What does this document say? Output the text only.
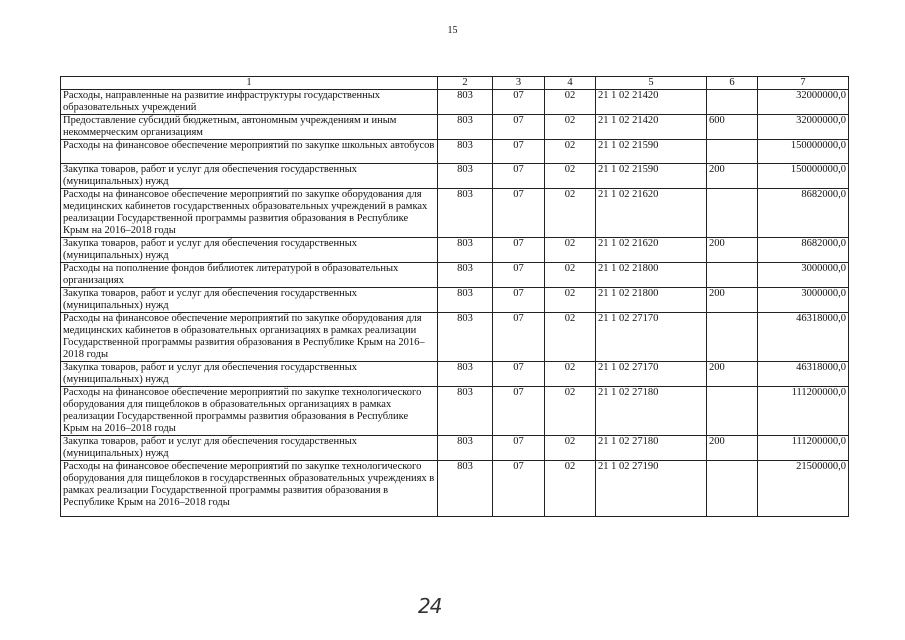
15
1	2	3	4	5	6	7
Расходы, направленные на развитие инфраструктуры государственных образовательных учреждений	803	07	02	21 1 02 21420		32000000,0
Предоставление субсидий бюджетным, автономным учреждениям и иным некоммерческим организациям	803	07	02	21 1 02 21420	600	32000000,0
Расходы на финансовое обеспечение мероприятий по закупке школьных автобусов	803	07	02	21 1 02 21590		150000000,0
Закупка товаров, работ и услуг для обеспечения государственных (муниципальных) нужд	803	07	02	21 1 02 21590	200	150000000,0
Расходы на финансовое обеспечение мероприятий по закупке оборудования для медицинских кабинетов государственных образовательных учреждений в рамках реализации Государственной программы развития образования в Республике Крым на 2016–2018 годы	803	07	02	21 1 02 21620		8682000,0
Закупка товаров, работ и услуг для обеспечения государственных (муниципальных) нужд	803	07	02	21 1 02 21620	200	8682000,0
Расходы на пополнение фондов библиотек литературой в образовательных организациях	803	07	02	21 1 02 21800		3000000,0
Закупка товаров, работ и услуг для обеспечения государственных (муниципальных) нужд	803	07	02	21 1 02 21800	200	3000000,0
Расходы на финансовое обеспечение мероприятий по закупке оборудования для медицинских кабинетов в образовательных организациях в рамках реализации Государственной программы развития образования в Республике Крым на 2016–2018 годы	803	07	02	21 1 02 27170		46318000,0
Закупка товаров, работ и услуг для обеспечения государственных (муниципальных) нужд	803	07	02	21 1 02 27170	200	46318000,0
Расходы на финансовое обеспечение мероприятий по закупке технологического оборудования для пищеблоков в образовательных организациях в рамках реализации Государственной программы развития образования в Республике Крым на 2016–2018 годы	803	07	02	21 1 02 27180		111200000,0
Закупка товаров, работ и услуг для обеспечения государственных (муниципальных) нужд	803	07	02	21 1 02 27180	200	111200000,0
Расходы на финансовое обеспечение мероприятий по закупке технологического оборудования для пищеблоков в государственных образовательных учреждениях в рамках реализации Государственной программы развития образования в Республике Крым на 2016–2018 годы	803	07	02	21 1 02 27190		21500000,0
24
